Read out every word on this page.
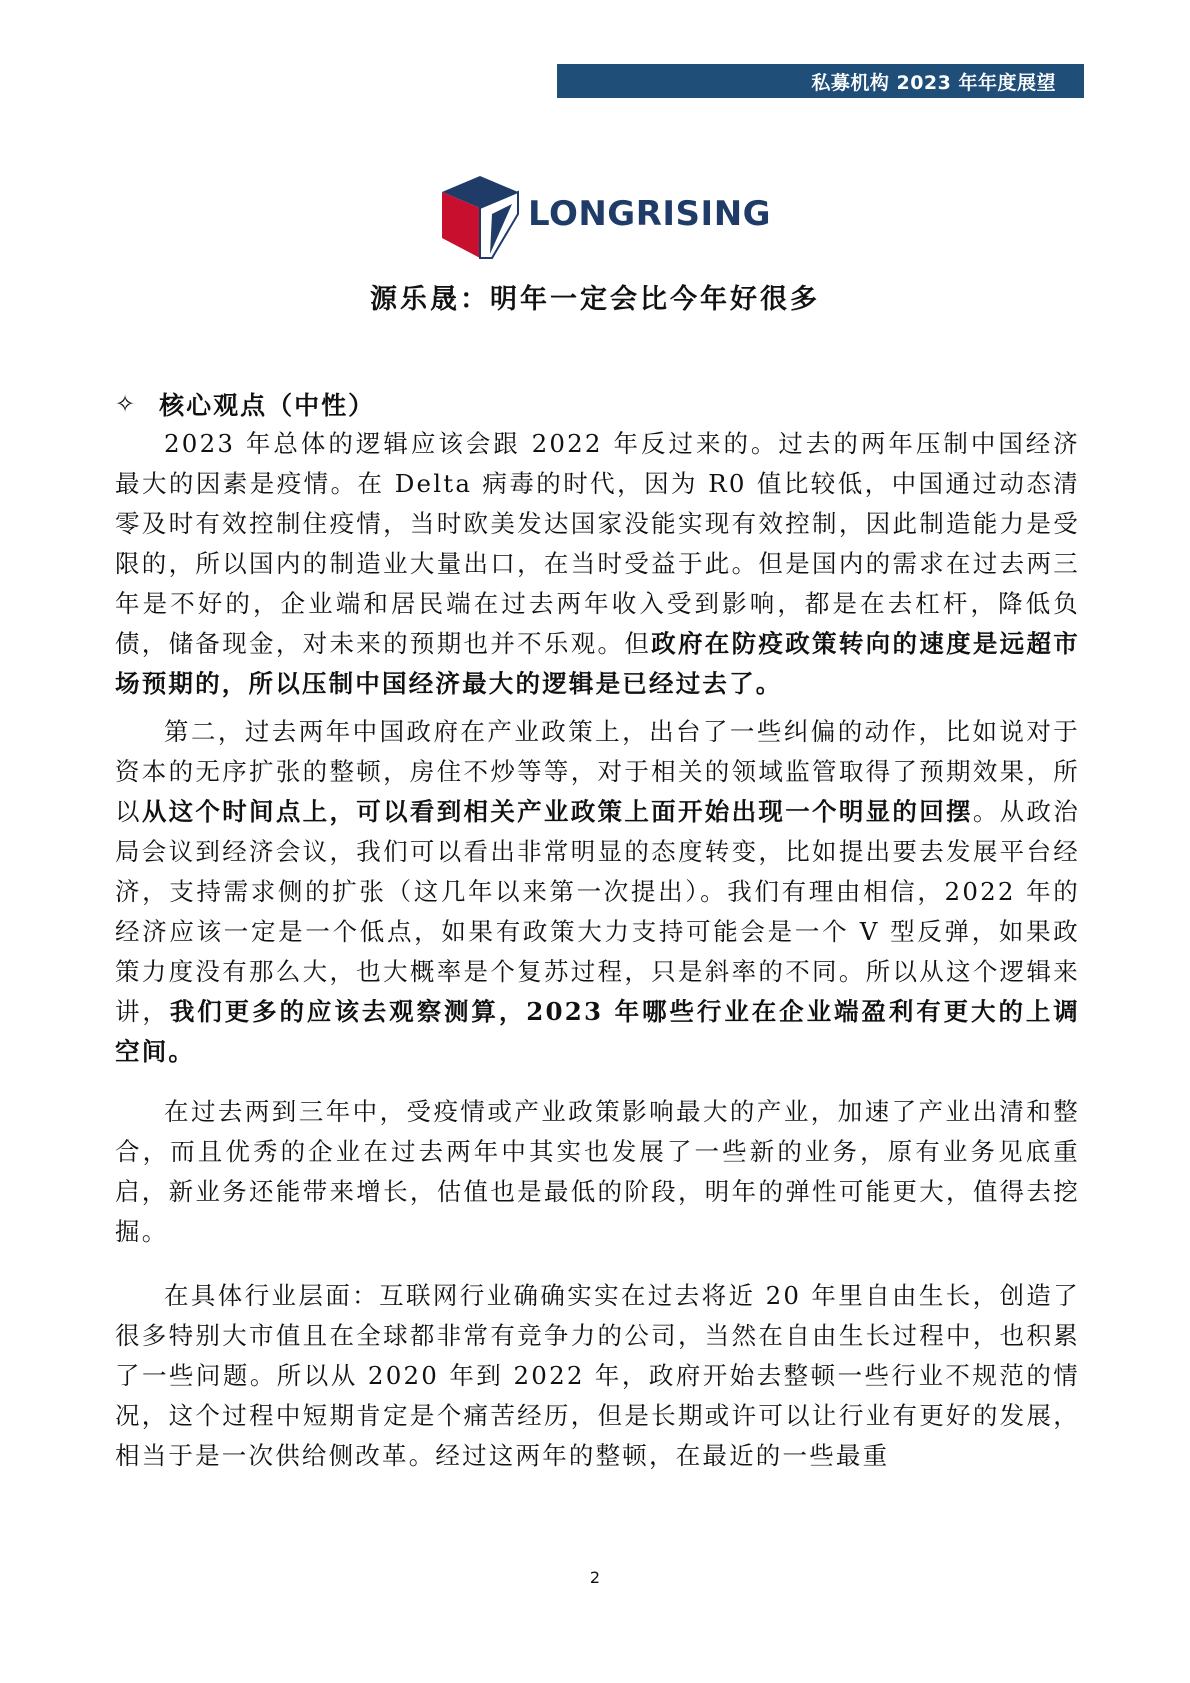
私募机构 2023 年年度展望
LONGRISING
源乐晟：明年一定会比今年好很多
✧ 核心观点（中性）

2023 年总体的逻辑应该会跟 2022 年反过来的。过去的两年压制中国经济最大的因素是疫情。在 Delta 病毒的时代，因为 R0 值比较低，中国通过动态清零及时有效控制住疫情，当时欧美发达国家没能实现有效控制，因此制造能力是受限的，所以国内的制造业大量出口，在当时受益于此。但是国内的需求在过去两三年是不好的，企业端和居民端在过去两年收入受到影响，都是在去杠杆，降低负债，储备现金，对未来的预期也并不乐观。但政府在防疫政策转向的速度是远超市场预期的，所以压制中国经济最大的逻辑是已经过去了。

第二，过去两年中国政府在产业政策上，出台了一些纠偏的动作，比如说对于资本的无序扩张的整顿，房住不炒等等，对于相关的领域监管取得了预期效果，所以从这个时间点上，可以看到相关产业政策上面开始出现一个明显的回摆。从政治局会议到经济会议，我们可以看出非常明显的态度转变，比如提出要去发展平台经济，支持需求侧的扩张（这几年以来第一次提出）。我们有理由相信，2022 年的经济应该一定是一个低点，如果有政策大力支持可能会是一个 V 型反弹，如果政策力度没有那么大，也大概率是个复苏过程，只是斜率的不同。所以从这个逻辑来讲，我们更多的应该去观察测算，2023 年哪些行业在企业端盈利有更大的上调空间。

在过去两到三年中，受疫情或产业政策影响最大的产业，加速了产业出清和整合，而且优秀的企业在过去两年中其实也发展了一些新的业务，原有业务见底重启，新业务还能带来增长，估值也是最低的阶段，明年的弹性可能更大，值得去挖掘。

在具体行业层面：互联网行业确确实实在过去将近 20 年里自由生长，创造了很多特别大市值且在全球都非常有竞争力的公司，当然在自由生长过程中，也积累了一些问题。所以从 2020 年到 2022 年，政府开始去整顿一些行业不规范的情况，这个过程中短期肯定是个痛苦经历，但是长期或许可以让行业有更好的发展，相当于是一次供给侧改革。经过这两年的整顿，在最近的一些最重

2
